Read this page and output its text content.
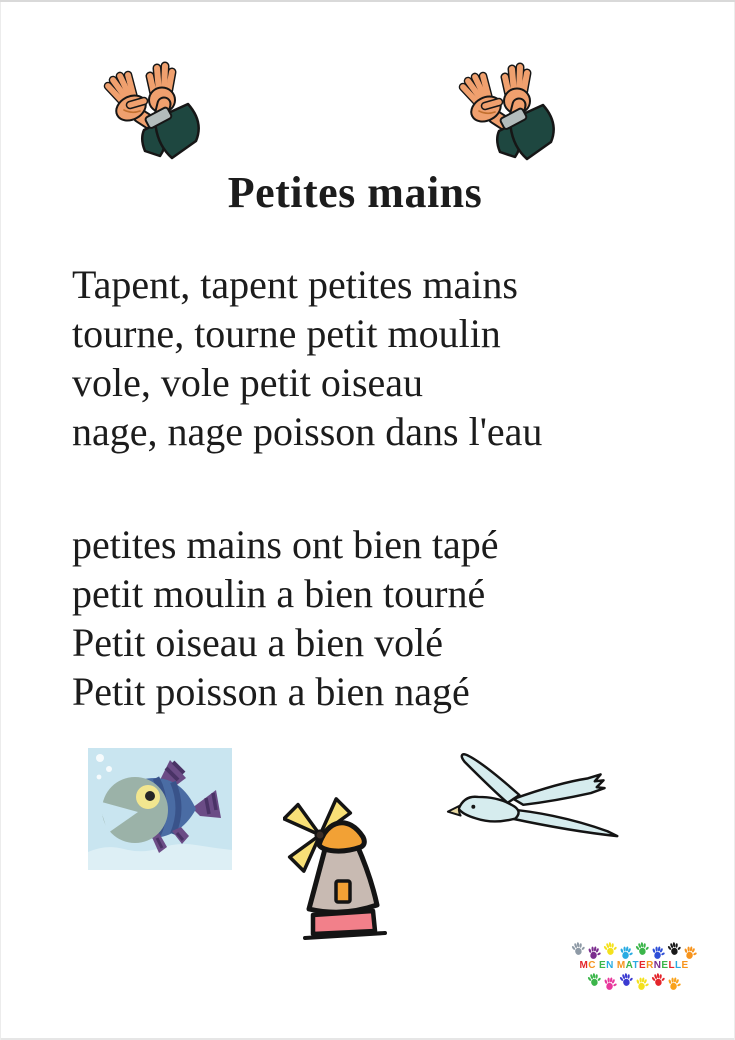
Petites mains
Tapent, tapent petites mains
tourne, tourne petit moulin
vole, vole petit oiseau
nage, nage poisson dans l'eau
petites mains ont bien tapé
petit moulin a bien tourné
Petit oiseau a bien volé
Petit poisson a bien nagé
MC EN MATERNELLE
